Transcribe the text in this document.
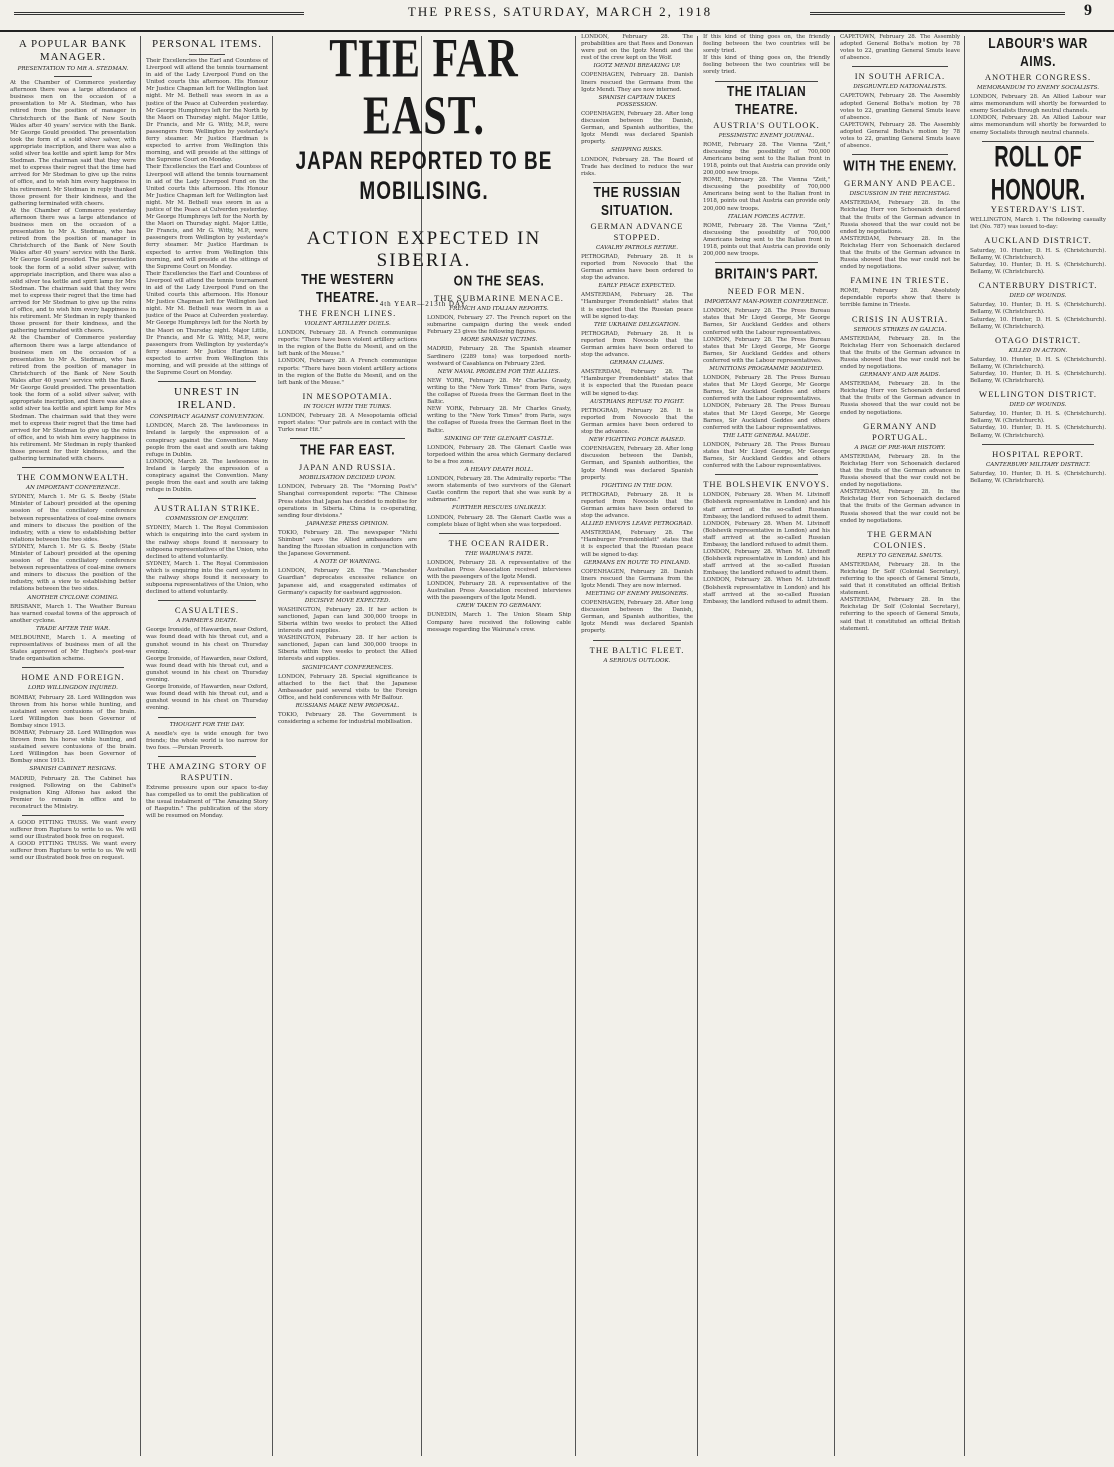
THE PRESS, SATURDAY, MARCH 2, 1918	9
THE FAR EAST.
JAPAN REPORTED TO BE MOBILISING.
ACTION EXPECTED IN SIBERIA.
4th YEAR—213th DAY.
A POPULAR BANK MANAGER.
PRESENTATION TO MR A. STEDMAN.
At the Chamber of Commerce yesterday afternoon there was a large attendance of business men on the occasion of a presentation to Mr A. Stedman, who has retired from the position of manager in Christchurch of the Bank of New South Wales after 40 years' service with the Bank. Mr George Gould presided. The presentation took the form of a solid silver salver, with appropriate inscription, and there was also a solid silver tea kettle and spirit lamp for Mrs Stedman. The chairman said that they were met to express their regret that the time had arrived for Mr Stedman to give up the reins of office, and to wish him every happiness in his retirement. Mr Stedman in reply thanked those present for their kindness, and the gathering terminated with cheers.
At the Chamber of Commerce yesterday afternoon there was a large attendance of business men on the occasion of a presentation to Mr A. Stedman, who has retired from the position of manager in Christchurch of the Bank of New South Wales after 40 years' service with the Bank. Mr George Gould presided. The presentation took the form of a solid silver salver, with appropriate inscription, and there was also a solid silver tea kettle and spirit lamp for Mrs Stedman. The chairman said that they were met to express their regret that the time had arrived for Mr Stedman to give up the reins of office, and to wish him every happiness in his retirement. Mr Stedman in reply thanked those present for their kindness, and the gathering terminated with cheers.
At the Chamber of Commerce yesterday afternoon there was a large attendance of business men on the occasion of a presentation to Mr A. Stedman, who has retired from the position of manager in Christchurch of the Bank of New South Wales after 40 years' service with the Bank. Mr George Gould presided. The presentation took the form of a solid silver salver, with appropriate inscription, and there was also a solid silver tea kettle and spirit lamp for Mrs Stedman. The chairman said that they were met to express their regret that the time had arrived for Mr Stedman to give up the reins of office, and to wish him every happiness in his retirement. Mr Stedman in reply thanked those present for their kindness, and the gathering terminated with cheers.
THE COMMONWEALTH.
AN IMPORTANT CONFERENCE.
SYDNEY, March 1. Mr G. S. Beeby (State Minister of Labour) presided at the opening session of the conciliatory conference between representatives of coal-mine owners and miners to discuss the position of the industry, with a view to establishing better relations between the two sides.
SYDNEY, March 1. Mr G. S. Beeby (State Minister of Labour) presided at the opening session of the conciliatory conference between representatives of coal-mine owners and miners to discuss the position of the industry, with a view to establishing better relations between the two sides.
ANOTHER CYCLONE COMING.
BRISBANE, March 1. The Weather Bureau has warned coastal towns of the approach of another cyclone.
TRADE AFTER THE WAR.
MELBOURNE, March 1. A meeting of representatives of business men of all the States approved of Mr Hughes's post-war trade organisation scheme.
HOME AND FOREIGN.
LORD WILLINGDON INJURED.
BOMBAY, February 28. Lord Willingdon was thrown from his horse while hunting, and sustained severe contusions of the brain. Lord Willingdon has been Governor of Bombay since 1913.
BOMBAY, February 28. Lord Willingdon was thrown from his horse while hunting, and sustained severe contusions of the brain. Lord Willingdon has been Governor of Bombay since 1913.
SPANISH CABINET RESIGNS.
MADRID, February 28. The Cabinet has resigned. Following on the Cabinet's resignation King Alfonso has asked the Premier to remain in office and to reconstruct the Ministry.
A GOOD FITTING TRUSS. We want every sufferer from Rupture to write to us. We will send our illustrated book free on request.
A GOOD FITTING TRUSS. We want every sufferer from Rupture to write to us. We will send our illustrated book free on request.
PERSONAL ITEMS.
Their Excellencies the Earl and Countess of Liverpool will attend the tennis tournament in aid of the Lady Liverpool Fund on the United courts this afternoon. His Honour Mr Justice Chapman left for Wellington last night. Mr M. Bethell was sworn in as a justice of the Peace at Culverden yesterday. Mr George Humphreys left for the North by the Maori on Thursday night. Major Little, Dr Francis, and Mr G. Witty, M.P., were passengers from Wellington by yesterday's ferry steamer. Mr Justice Hardman is expected to arrive from Wellington this morning, and will preside at the sittings of the Supreme Court on Monday.
Their Excellencies the Earl and Countess of Liverpool will attend the tennis tournament in aid of the Lady Liverpool Fund on the United courts this afternoon. His Honour Mr Justice Chapman left for Wellington last night. Mr M. Bethell was sworn in as a justice of the Peace at Culverden yesterday. Mr George Humphreys left for the North by the Maori on Thursday night. Major Little, Dr Francis, and Mr G. Witty, M.P., were passengers from Wellington by yesterday's ferry steamer. Mr Justice Hardman is expected to arrive from Wellington this morning, and will preside at the sittings of the Supreme Court on Monday.
Their Excellencies the Earl and Countess of Liverpool will attend the tennis tournament in aid of the Lady Liverpool Fund on the United courts this afternoon. His Honour Mr Justice Chapman left for Wellington last night. Mr M. Bethell was sworn in as a justice of the Peace at Culverden yesterday. Mr George Humphreys left for the North by the Maori on Thursday night. Major Little, Dr Francis, and Mr G. Witty, M.P., were passengers from Wellington by yesterday's ferry steamer. Mr Justice Hardman is expected to arrive from Wellington this morning, and will preside at the sittings of the Supreme Court on Monday.
UNREST IN IRELAND.
CONSPIRACY AGAINST CONVENTION.
LONDON, March 28. The lawlessness in Ireland is largely the expression of a conspiracy against the Convention. Many people from the east and south are taking refuge in Dublin.
LONDON, March 28. The lawlessness in Ireland is largely the expression of a conspiracy against the Convention. Many people from the east and south are taking refuge in Dublin.
AUSTRALIAN STRIKE.
COMMISSION OF ENQUIRY.
SYDNEY, March 1. The Royal Commission which is enquiring into the card system in the railway shops found it necessary to subpoena representatives of the Union, who declined to attend voluntarily.
SYDNEY, March 1. The Royal Commission which is enquiring into the card system in the railway shops found it necessary to subpoena representatives of the Union, who declined to attend voluntarily.
CASUALTIES.
A FARMER'S DEATH.
George Ironside, of Hawarden, near Oxford, was found dead with his throat cut, and a gunshot wound in his chest on Thursday evening.
George Ironside, of Hawarden, near Oxford, was found dead with his throat cut, and a gunshot wound in his chest on Thursday evening.
George Ironside, of Hawarden, near Oxford, was found dead with his throat cut, and a gunshot wound in his chest on Thursday evening.
THOUGHT FOR THE DAY.
A needle's eye is wide enough for two friends; the whole world is too narrow for two foes. —Persian Proverb.
THE AMAZING STORY OF RASPUTIN.
Extreme pressure upon our space to-day has compelled us to omit the publication of the usual instalment of "The Amazing Story of Rasputin." The publication of the story will be resumed on Monday.
THE WESTERN THEATRE.
THE FRENCH LINES.
VIOLENT ARTILLERY DUELS.
LONDON, February 28. A French communique reports: "There have been violent artillery actions in the region of the Butte du Mesnil, and on the left bank of the Meuse."
LONDON, February 28. A French communique reports: "There have been violent artillery actions in the region of the Butte du Mesnil, and on the left bank of the Meuse."
IN MESOPOTAMIA.
IN TOUCH WITH THE TURKS.
LONDON, February 28. A Mesopotamia official report states: "Our patrols are in contact with the Turks near Hit."
THE FAR EAST.
JAPAN AND RUSSIA.
MOBILISATION DECIDED UPON.
LONDON, February 28. The "Morning Post's" Shanghai correspondent reports: "The Chinese Press states that Japan has decided to mobilise for operations in Siberia. China is co-operating, sending four divisions."
JAPANESE PRESS OPINION.
TOKIO, February 28. The newspaper "Nichi Shimbun" says the Allied ambassadors are handing the Russian situation in conjunction with the Japanese Government.
A NOTE OF WARNING.
LONDON, February 28. The "Manchester Guardian" deprecates excessive reliance on Japanese aid, and exaggerated estimates of Germany's capacity for eastward aggression.
DECISIVE MOVE EXPECTED.
WASHINGTON, February 28. If her action is sanctioned, Japan can land 300,000 troops in Siberia within two weeks to protect the Allied interests and supplies.
WASHINGTON, February 28. If her action is sanctioned, Japan can land 300,000 troops in Siberia within two weeks to protect the Allied interests and supplies.
SIGNIFICANT CONFERENCES.
LONDON, February 28. Special significance is attached to the fact that the Japanese Ambassador paid several visits to the Foreign Office, and held conferences with Mr Balfour.
RUSSIANS MAKE NEW PROPOSAL.
TOKIO, February 28. The Government is considering a scheme for industrial mobilisation.
ON THE SEAS.
THE SUBMARINE MENACE.
FRENCH AND ITALIAN REPORTS.
LONDON, February 27. The French report on the submarine campaign during the week ended February 23 gives the following figures.
MORE SPANISH VICTIMS.
MADRID, February 28. The Spanish steamer Sardinero (2289 tons) was torpedoed north-westward of Casablanca on February 23rd.
NEW NAVAL PROBLEM FOR THE ALLIES.
NEW YORK, February 28. Mr Charles Grasty, writing to the "New York Times" from Paris, says the collapse of Russia frees the German fleet in the Baltic.
NEW YORK, February 28. Mr Charles Grasty, writing to the "New York Times" from Paris, says the collapse of Russia frees the German fleet in the Baltic.
SINKING OF THE GLENART CASTLE.
LONDON, February 28. The Glenart Castle was torpedoed within the area which Germany declared to be a free zone.
A HEAVY DEATH ROLL.
LONDON, February 28. The Admiralty reports: "The sworn statements of two survivors of the Glenart Castle confirm the report that she was sunk by a submarine."
FURTHER RESCUES UNLIKELY.
LONDON, February 28. The Glenart Castle was a complete blaze of light when she was torpedoed.
THE OCEAN RAIDER.
THE WAIRUNA'S FATE.
LONDON, February 28. A representative of the Australian Press Association received interviews with the passengers of the Igotz Mendi.
LONDON, February 28. A representative of the Australian Press Association received interviews with the passengers of the Igotz Mendi.
CREW TAKEN TO GERMANY.
DUNEDIN, March 1. The Union Steam Ship Company have received the following cable message regarding the Wairuna's crew.
LONDON, February 28. The probabilities are that Rees and Donovan were put on the Igotz Mendi and the rest of the crew kept on the Wolf.
IGOTZ MENDI BREAKING UP.
COPENHAGEN, February 28. Danish liners rescued the Germans from the Igotz Mendi. They are now interned.
SPANISH CAPTAIN TAKES POSSESSION.
COPENHAGEN, February 28. After long discussion between the Danish, German, and Spanish authorities, the Igotz Mendi was declared Spanish property.
SHIPPING RISKS.
LONDON, February 28. The Board of Trade has declined to reduce the war risks.
THE RUSSIAN SITUATION.
GERMAN ADVANCE STOPPED.
CAVALRY PATROLS RETIRE.
PETROGRAD, February 28. It is reported from Novocelo that the German armies have been ordered to stop the advance.
EARLY PEACE EXPECTED.
AMSTERDAM, February 28. The "Hamburger Fremdenblatt" states that it is expected that the Russian peace will be signed to-day.
THE UKRAINE DELEGATION.
PETROGRAD, February 28. It is reported from Novocelo that the German armies have been ordered to stop the advance.
GERMAN CLAIMS.
AMSTERDAM, February 28. The "Hamburger Fremdenblatt" states that it is expected that the Russian peace will be signed to-day.
AUSTRIANS REFUSE TO FIGHT.
PETROGRAD, February 28. It is reported from Novocelo that the German armies have been ordered to stop the advance.
NEW FIGHTING FORCE RAISED.
COPENHAGEN, February 28. After long discussion between the Danish, German, and Spanish authorities, the Igotz Mendi was declared Spanish property.
FIGHTING IN THE DON.
PETROGRAD, February 28. It is reported from Novocelo that the German armies have been ordered to stop the advance.
ALLIED ENVOYS LEAVE PETROGRAD.
AMSTERDAM, February 28. The "Hamburger Fremdenblatt" states that it is expected that the Russian peace will be signed to-day.
GERMANS EN ROUTE TO FINLAND.
COPENHAGEN, February 28. Danish liners rescued the Germans from the Igotz Mendi. They are now interned.
MEETING OF ENEMY PRISONERS.
COPENHAGEN, February 28. After long discussion between the Danish, German, and Spanish authorities, the Igotz Mendi was declared Spanish property.
THE BALTIC FLEET.
A SERIOUS OUTLOOK.
If this kind of thing goes on, the friendly feeling between the two countries will be sorely tried.
If this kind of thing goes on, the friendly feeling between the two countries will be sorely tried.
THE ITALIAN THEATRE.
AUSTRIA'S OUTLOOK.
PESSIMISTIC ENEMY JOURNAL.
ROME, February 28. The Vienna "Zeit," discussing the possibility of 700,000 Americans being sent to the Italian front in 1918, points out that Austria can provide only 200,000 new troops.
ROME, February 28. The Vienna "Zeit," discussing the possibility of 700,000 Americans being sent to the Italian front in 1918, points out that Austria can provide only 200,000 new troops.
ITALIAN FORCES ACTIVE.
ROME, February 28. The Vienna "Zeit," discussing the possibility of 700,000 Americans being sent to the Italian front in 1918, points out that Austria can provide only 200,000 new troops.
BRITAIN'S PART.
NEED FOR MEN.
IMPORTANT MAN-POWER CONFERENCE.
LONDON, February 28. The Press Bureau states that Mr Lloyd George, Mr George Barnes, Sir Auckland Geddes and others conferred with the Labour representatives.
LONDON, February 28. The Press Bureau states that Mr Lloyd George, Mr George Barnes, Sir Auckland Geddes and others conferred with the Labour representatives.
MUNITIONS PROGRAMME MODIFIED.
LONDON, February 28. The Press Bureau states that Mr Lloyd George, Mr George Barnes, Sir Auckland Geddes and others conferred with the Labour representatives.
LONDON, February 28. The Press Bureau states that Mr Lloyd George, Mr George Barnes, Sir Auckland Geddes and others conferred with the Labour representatives.
THE LATE GENERAL MAUDE.
LONDON, February 28. The Press Bureau states that Mr Lloyd George, Mr George Barnes, Sir Auckland Geddes and others conferred with the Labour representatives.
THE BOLSHEVIK ENVOYS.
LONDON, February 28. When M. Litvinoff (Bolshevik representative in London) and his staff arrived at the so-called Russian Embassy, the landlord refused to admit them.
LONDON, February 28. When M. Litvinoff (Bolshevik representative in London) and his staff arrived at the so-called Russian Embassy, the landlord refused to admit them.
LONDON, February 28. When M. Litvinoff (Bolshevik representative in London) and his staff arrived at the so-called Russian Embassy, the landlord refused to admit them.
LONDON, February 28. When M. Litvinoff (Bolshevik representative in London) and his staff arrived at the so-called Russian Embassy, the landlord refused to admit them.
CAPETOWN, February 28. The Assembly adopted General Botha's motion by 78 votes to 22, granting General Smuts leave of absence.
IN SOUTH AFRICA.
DISGRUNTLED NATIONALISTS.
CAPETOWN, February 28. The Assembly adopted General Botha's motion by 78 votes to 22, granting General Smuts leave of absence.
CAPETOWN, February 28. The Assembly adopted General Botha's motion by 78 votes to 22, granting General Smuts leave of absence.
WITH THE ENEMY.
GERMANY AND PEACE.
DISCUSSION IN THE REICHSTAG.
AMSTERDAM, February 28. In the Reichstag Herr von Schoenaich declared that the fruits of the German advance in Russia showed that the war could not be ended by negotiations.
AMSTERDAM, February 28. In the Reichstag Herr von Schoenaich declared that the fruits of the German advance in Russia showed that the war could not be ended by negotiations.
FAMINE IN TRIESTE.
ROME, February 28. Absolutely dependable reports show that there is terrible famine in Trieste.
CRISIS IN AUSTRIA.
SERIOUS STRIKES IN GALICIA.
AMSTERDAM, February 28. In the Reichstag Herr von Schoenaich declared that the fruits of the German advance in Russia showed that the war could not be ended by negotiations.
GERMANY AND AIR RAIDS.
AMSTERDAM, February 28. In the Reichstag Herr von Schoenaich declared that the fruits of the German advance in Russia showed that the war could not be ended by negotiations.
GERMANY AND PORTUGAL.
A PAGE OF PRE-WAR HISTORY.
AMSTERDAM, February 28. In the Reichstag Herr von Schoenaich declared that the fruits of the German advance in Russia showed that the war could not be ended by negotiations.
AMSTERDAM, February 28. In the Reichstag Herr von Schoenaich declared that the fruits of the German advance in Russia showed that the war could not be ended by negotiations.
THE GERMAN COLONIES.
REPLY TO GENERAL SMUTS.
AMSTERDAM, February 28. In the Reichstag Dr Solf (Colonial Secretary), referring to the speech of General Smuts, said that it constituted an official British statement.
AMSTERDAM, February 28. In the Reichstag Dr Solf (Colonial Secretary), referring to the speech of General Smuts, said that it constituted an official British statement.
LABOUR'S WAR AIMS.
ANOTHER CONGRESS.
MEMORANDUM TO ENEMY SOCIALISTS.
LONDON, February 28. An Allied Labour war aims memorandum will shortly be forwarded to enemy Socialists through neutral channels.
LONDON, February 28. An Allied Labour war aims memorandum will shortly be forwarded to enemy Socialists through neutral channels.
ROLL OF HONOUR.
YESTERDAY'S LIST.
WELLINGTON, March 1. The following casualty list (No. 787) was issued to-day:
AUCKLAND DISTRICT.
Saturday, 10. Hunter, D. H. S. (Christchurch). Bellamy, W. (Christchurch).
Saturday, 10. Hunter, D. H. S. (Christchurch). Bellamy, W. (Christchurch).
CANTERBURY DISTRICT.
DIED OF WOUNDS.
Saturday, 10. Hunter, D. H. S. (Christchurch). Bellamy, W. (Christchurch).
Saturday, 10. Hunter, D. H. S. (Christchurch). Bellamy, W. (Christchurch).
OTAGO DISTRICT.
KILLED IN ACTION.
Saturday, 10. Hunter, D. H. S. (Christchurch). Bellamy, W. (Christchurch).
Saturday, 10. Hunter, D. H. S. (Christchurch). Bellamy, W. (Christchurch).
WELLINGTON DISTRICT.
DIED OF WOUNDS.
Saturday, 10. Hunter, D. H. S. (Christchurch). Bellamy, W. (Christchurch).
Saturday, 10. Hunter, D. H. S. (Christchurch). Bellamy, W. (Christchurch).
HOSPITAL REPORT.
CANTERBURY MILITARY DISTRICT.
Saturday, 10. Hunter, D. H. S. (Christchurch). Bellamy, W. (Christchurch).
